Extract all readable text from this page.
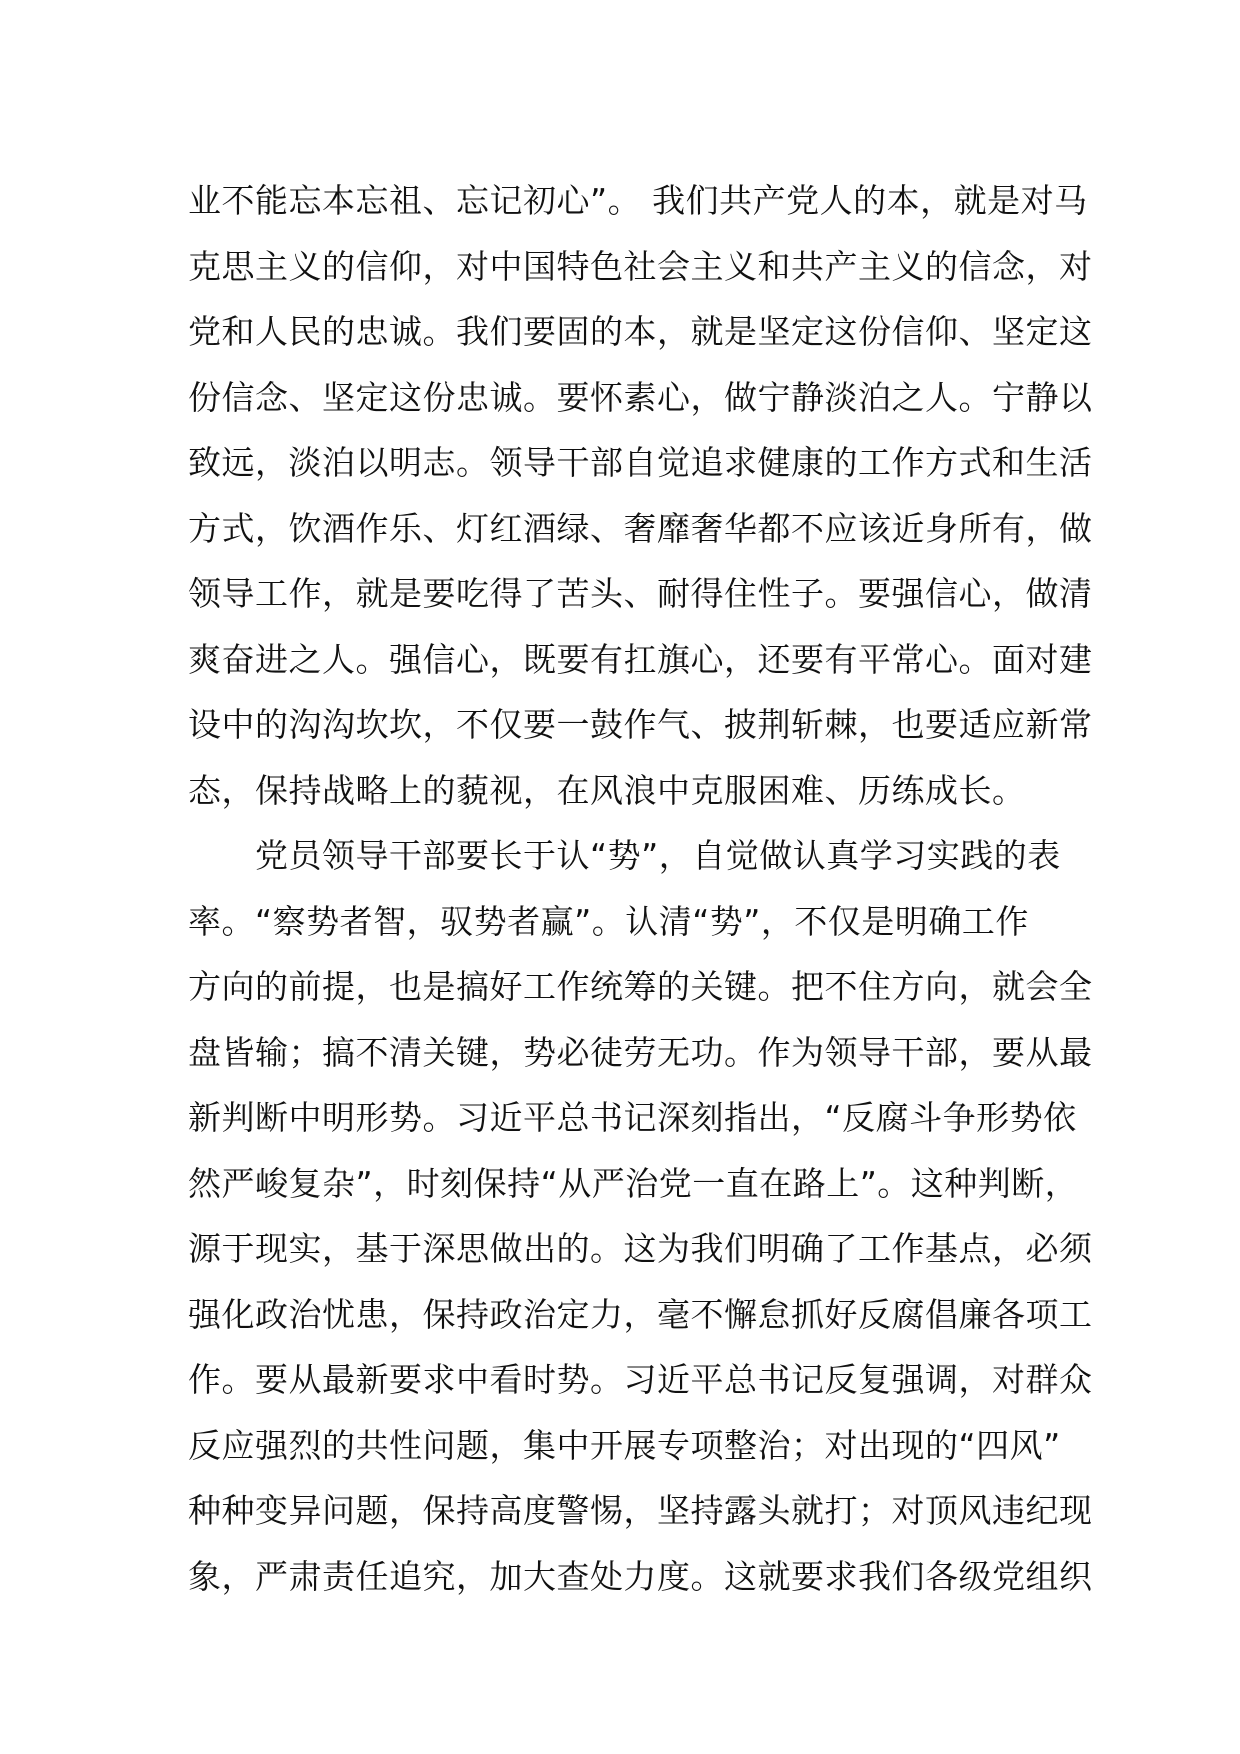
业不能忘本忘祖、忘记初心”。 我们共产党人的本，就是对马
克思主义的信仰，对中国特色社会主义和共产主义的信念，对
党和人民的忠诚。我们要固的本，就是坚定这份信仰、坚定这
份信念、坚定这份忠诚。要怀素心，做宁静淡泊之人。宁静以
致远，淡泊以明志。领导干部自觉追求健康的工作方式和生活
方式，饮酒作乐、灯红酒绿、奢靡奢华都不应该近身所有，做
领导工作，就是要吃得了苦头、耐得住性子。要强信心，做清
爽奋进之人。强信心，既要有扛旗心，还要有平常心。面对建
设中的沟沟坎坎，不仅要一鼓作气、披荆斩棘，也要适应新常
态，保持战略上的藐视，在风浪中克服困难、历练成长。
　　党员领导干部要长于认“势”，自觉做认真学习实践的表
率。“察势者智，驭势者赢”。认清“势”，不仅是明确工作
方向的前提，也是搞好工作统筹的关键。把不住方向，就会全
盘皆输；搞不清关键，势必徒劳无功。作为领导干部，要从最
新判断中明形势。习近平总书记深刻指出，“反腐斗争形势依
然严峻复杂”，时刻保持“从严治党一直在路上”。这种判断，
源于现实，基于深思做出的。这为我们明确了工作基点，必须
强化政治忧患，保持政治定力，毫不懈怠抓好反腐倡廉各项工
作。要从最新要求中看时势。习近平总书记反复强调，对群众
反应强烈的共性问题，集中开展专项整治；对出现的“四风”
种种变异问题，保持高度警惕，坚持露头就打；对顶风违纪现
象，严肃责任追究，加大查处力度。这就要求我们各级党组织
